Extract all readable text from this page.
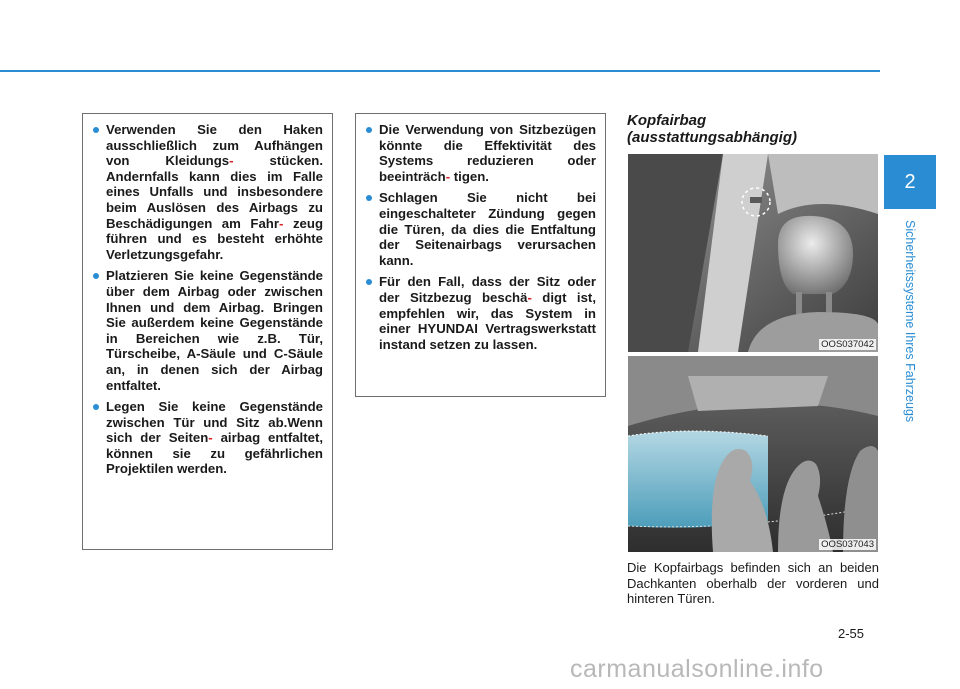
Verwenden Sie den Haken ausschließlich zum Aufhängen von Kleidungs- stücken. Andernfalls kann dies im Falle eines Unfalls und insbesondere beim Auslösen des Airbags zu Beschädigungen am Fahr- zeug führen und es besteht erhöhte Verletzungsgefahr.
Platzieren Sie keine Gegenstände über dem Airbag oder zwischen Ihnen und dem Airbag. Bringen Sie außerdem keine Gegenstände in Bereichen wie z.B. Tür, Türscheibe, A-Säule und C-Säule an, in denen sich der Airbag entfaltet.
Legen Sie keine Gegenstände zwischen Tür und Sitz ab.Wenn sich der Seiten- airbag entfaltet, können sie zu gefährlichen Projektilen werden.
Die Verwendung von Sitzbezügen könnte die Effektivität des Systems reduzieren oder beeinträch- tigen.
Schlagen Sie nicht bei eingeschalteter Zündung gegen die Türen, da dies die Entfaltung der Seitenairbags verursachen kann.
Für den Fall, dass der Sitz oder der Sitzbezug beschä- digt ist, empfehlen wir, das System in einer HYUNDAI Vertragswerkstatt instand setzen zu lassen.
Kopfairbag
(ausstattungsabhängig)
OOS037042
OOS037043
Die Kopfairbags befinden sich an beiden Dachkanten oberhalb der vorderen und hinteren Türen.
2
Sicherheitssysteme Ihres Fahrzeugs
2-55
carmanualsonline.info
